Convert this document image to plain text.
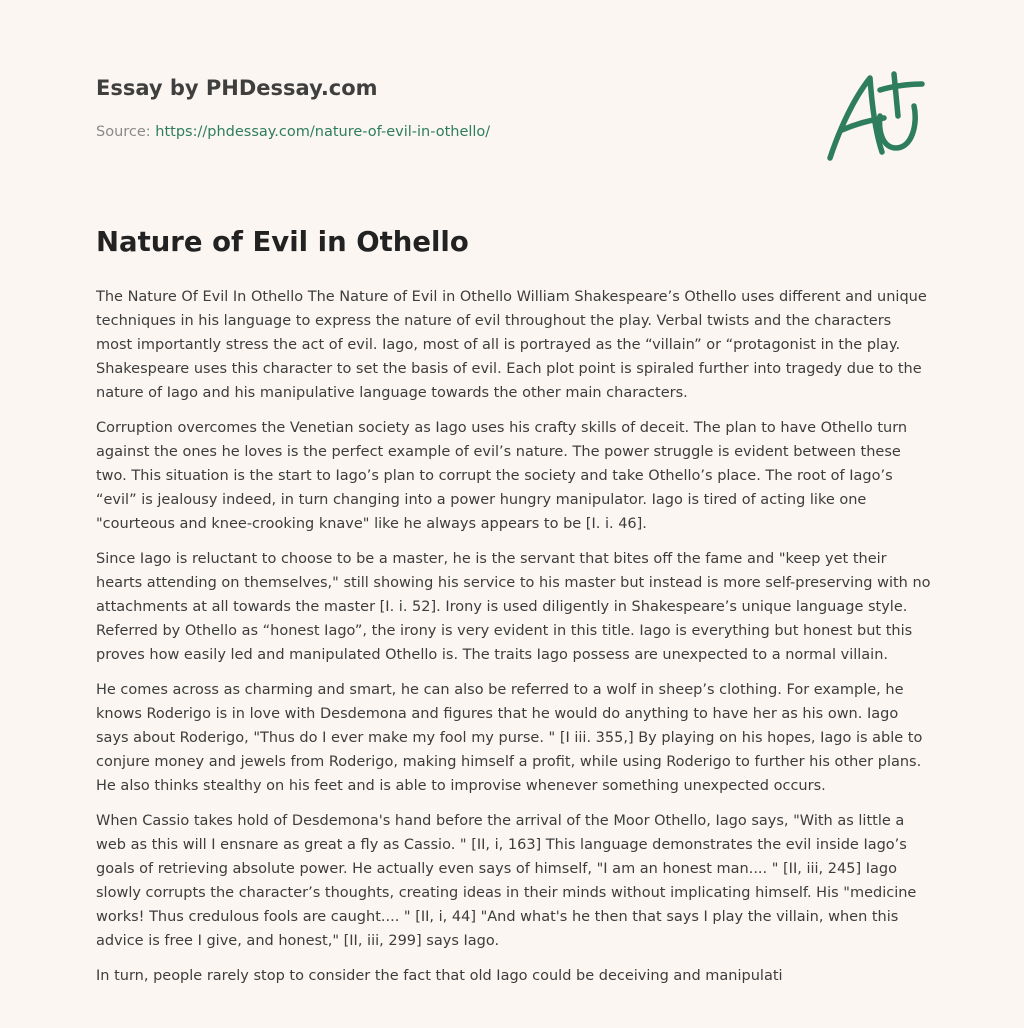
Essay by PHDessay.com
Source: https://phdessay.com/nature-of-evil-in-othello/
Nature of Evil in Othello

The Nature Of Evil In Othello The Nature of Evil in Othello William Shakespeare’s Othello uses different and unique techniques in his language to express the nature of evil throughout the play. Verbal twists and the characters most importantly stress the act of evil. Iago, most of all is portrayed as the “villain” or “protagonist in the play. Shakespeare uses this character to set the basis of evil. Each plot point is spiraled further into tragedy due to the nature of Iago and his manipulative language towards the other main characters.

Corruption overcomes the Venetian society as Iago uses his crafty skills of deceit. The plan to have Othello turn against the ones he loves is the perfect example of evil’s nature. The power struggle is evident between these two. This situation is the start to Iago’s plan to corrupt the society and take Othello’s place. The root of Iago’s “evil” is jealousy indeed, in turn changing into a power hungry manipulator. Iago is tired of acting like one "courteous and knee-crooking knave" like he always appears to be [I. i. 46].

Since Iago is reluctant to choose to be a master, he is the servant that bites off the fame and "keep yet their hearts attending on themselves," still showing his service to his master but instead is more self-preserving with no attachments at all towards the master [I. i. 52]. Irony is used diligently in Shakespeare’s unique language style. Referred by Othello as “honest Iago”, the irony is very evident in this title. Iago is everything but honest but this proves how easily led and manipulated Othello is. The traits Iago possess are unexpected to a normal villain.

He comes across as charming and smart, he can also be referred to a wolf in sheep’s clothing. For example, he knows Roderigo is in love with Desdemona and figures that he would do anything to have her as his own. Iago says about Roderigo, "Thus do I ever make my fool my purse. " [I iii. 355,] By playing on his hopes, Iago is able to conjure money and jewels from Roderigo, making himself a profit, while using Roderigo to further his other plans. He also thinks stealthy on his feet and is able to improvise whenever something unexpected occurs.

When Cassio takes hold of Desdemona's hand before the arrival of the Moor Othello, Iago says, "With as little a web as this will I ensnare as great a fly as Cassio. " [II, i, 163] This language demonstrates the evil inside Iago’s goals of retrieving absolute power. He actually even says of himself, "I am an honest man.... " [II, iii, 245] Iago slowly corrupts the character’s thoughts, creating ideas in their minds without implicating himself. His "medicine works! Thus credulous fools are caught.... " [II, i, 44] "And what's he then that says I play the villain, when this advice is free I give, and honest," [II, iii, 299] says Iago.

In turn, people rarely stop to consider the fact that old Iago could be deceiving and manipulati
